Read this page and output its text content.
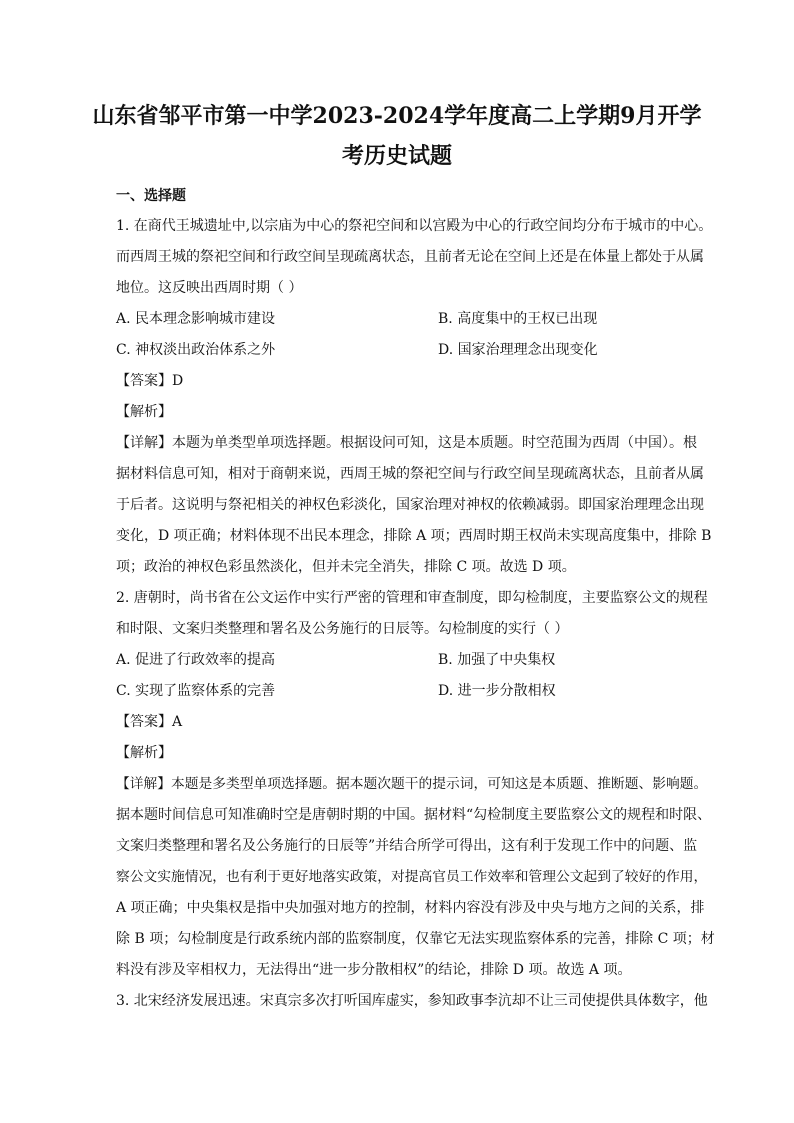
山东省邹平市第一中学2023-2024学年度高二上学期9月开学
考历史试题

一、选择题

1. 在商代王城遗址中,以宗庙为中心的祭祀空间和以宫殿为中心的行政空间均分布于城市的中心。

而西周王城的祭祀空间和行政空间呈现疏离状态，且前者无论在空间上还是在体量上都处于从属

地位。这反映出西周时期（ ）

A. 民本理念影响城市建设	B. 高度集中的王权已出现
C. 神权淡出政治体系之外	D. 国家治理理念出现变化
【答案】D
【解析】

【详解】本题为单类型单项选择题。根据设问可知，这是本质题。时空范围为西周（中国）。根

据材料信息可知，相对于商朝来说，西周王城的祭祀空间与行政空间呈现疏离状态，且前者从属

于后者。这说明与祭祀相关的神权色彩淡化，国家治理对神权的依赖减弱。即国家治理理念出现

变化，D 项正确；材料体现不出民本理念，排除 A 项；西周时期王权尚未实现高度集中，排除 B

项；政治的神权色彩虽然淡化，但并未完全消失，排除 C 项。故选 D 项。

2. 唐朝时，尚书省在公文运作中实行严密的管理和审查制度，即勾检制度，主要监察公文的规程

和时限、文案归类整理和署名及公务施行的日辰等。勾检制度的实行（ ）

A. 促进了行政效率的提高	B. 加强了中央集权
C. 实现了监察体系的完善	D. 进一步分散相权
【答案】A
【解析】

【详解】本题是多类型单项选择题。据本题次题干的提示词，可知这是本质题、推断题、影响题。

据本题时间信息可知准确时空是唐朝时期的中国。据材料“勾检制度主要监察公文的规程和时限、

文案归类整理和署名及公务施行的日辰等”并结合所学可得出，这有利于发现工作中的问题、监

察公文实施情况，也有利于更好地落实政策，对提高官员工作效率和管理公文起到了较好的作用，

A 项正确；中央集权是指中央加强对地方的控制，材料内容没有涉及中央与地方之间的关系，排

除 B 项；勾检制度是行政系统内部的监察制度，仅靠它无法实现监察体系的完善，排除 C 项；材

料没有涉及宰相权力，无法得出“进一步分散相权”的结论，排除 D 项。故选 A 项。

3. 北宋经济发展迅速。宋真宗多次打听国库虚实，参知政事李沆却不让三司使提供具体数字，他
